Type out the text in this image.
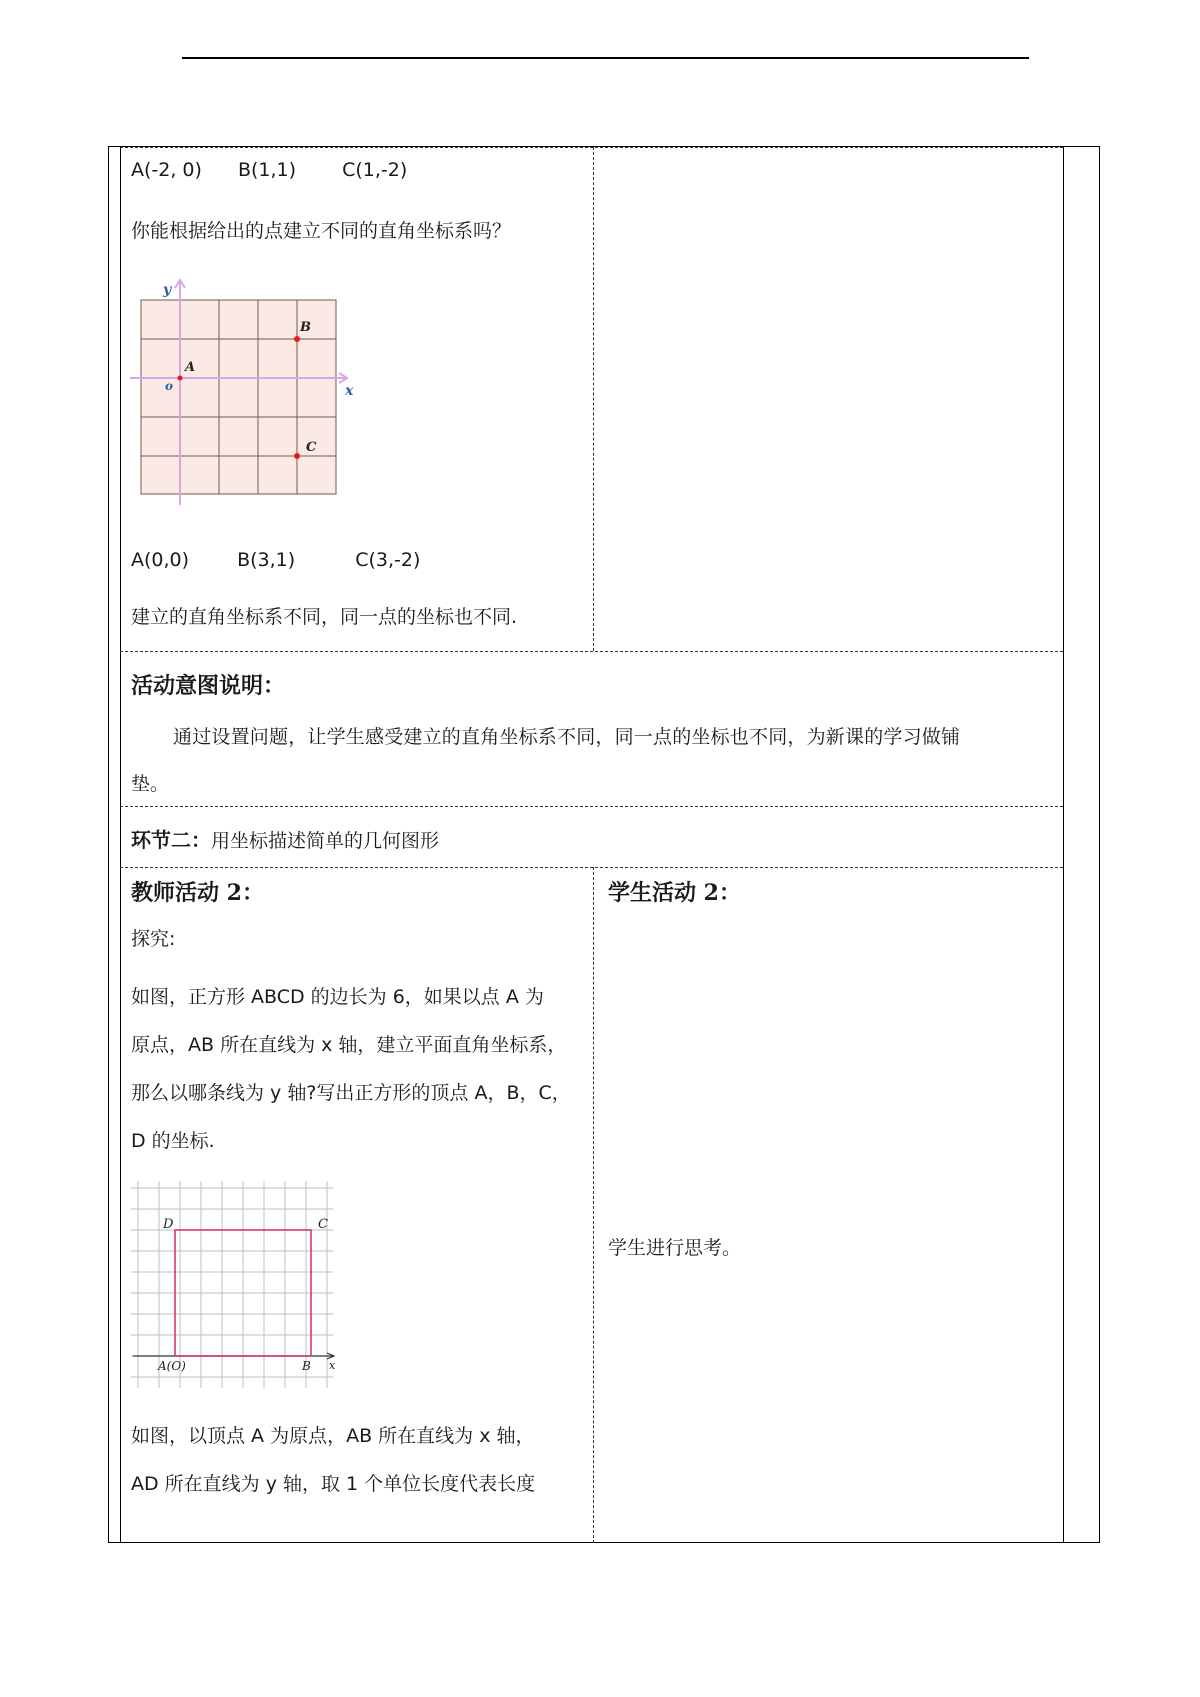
A(-2, 0) B(1,1) C(1,-2)
你能根据给出的点建立不同的直角坐标系吗？
y
x
o
A
B
C
A(0,0)	B(3,1)	C(3,-2)
建立的直角坐标系不同，同一点的坐标也不同.
活动意图说明：
通过设置问题，让学生感受建立的直角坐标系不同，同一点的坐标也不同，为新课的学习做铺
垫。
环节二：用坐标描述简单的几何图形
教师活动 2：
探究:
如图，正方形 ABCD 的边长为 6，如果以点 A 为
原点，AB 所在直线为 x 轴，建立平面直角坐标系，
那么以哪条线为 y 轴?写出正方形的顶点 A，B，C，
D 的坐标.
D	C
A(O)	B x
如图，以顶点 A 为原点，AB 所在直线为 x 轴，
AD 所在直线为 y 轴，取 1 个单位长度代表长度
学生活动 2：
学生进行思考。
